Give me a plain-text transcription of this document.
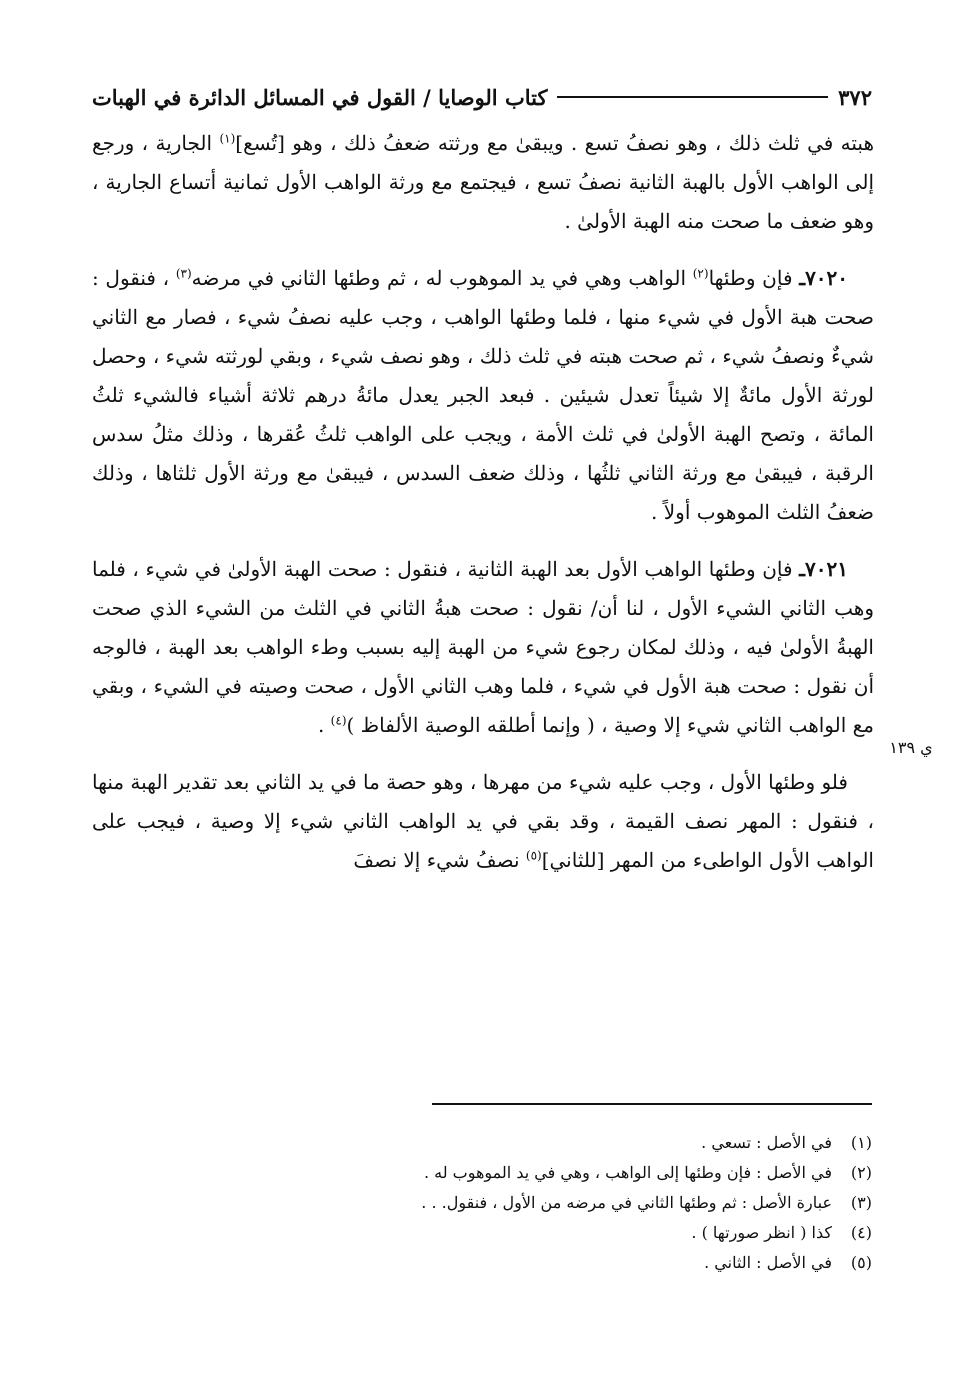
٣٧٢
كتاب الوصايا / القول في المسائل الدائرة في الهبات
ي ١٣٩

هبته في ثلث ذلك ، وهو نصفُ تسع . ويبقىٰ مع ورثته ضعفُ ذلك ، وهو [تُسع]$^{(١)}$ الجارية ، ورجع إلى الواهب الأول بالهبة الثانية نصفُ تسع ، فيجتمع مع ورثة الواهب الأول ثمانية أتساع الجارية ، وهو ضعف ما صحت منه الهبة الأولىٰ .

٧٠٢٠ـ فإن وطئها$^{(٢)}$ الواهب وهي في يد الموهوب له ، ثم وطئها الثاني في مرضه$^{(٣)}$ ، فنقول : صحت هبة الأول في شيء منها ، فلما وطئها الواهب ، وجب عليه نصفُ شيء ، فصار مع الثاني شيءٌ ونصفُ شيء ، ثم صحت هبته في ثلث ذلك ، وهو نصف شيء ، وبقي لورثته شيء ، وحصل لورثة الأول مائةٌ إلا شيئاً تعدل شيئين . فبعد الجبر يعدل مائةُ درهم ثلاثة أشياء فالشيء ثلثُ المائة ، وتصح الهبة الأولىٰ في ثلث الأمة ، ويجب على الواهب ثلثُ عُقرها ، وذلك مثلُ سدس الرقبة ، فيبقىٰ مع ورثة الثاني ثلثُها ، وذلك ضعف السدس ، فيبقىٰ مع ورثة الأول ثلثاها ، وذلك ضعفُ الثلث الموهوب أولاً .

٧٠٢١ـ فإن وطئها الواهب الأول بعد الهبة الثانية ، فنقول : صحت الهبة الأولىٰ في شيء ، فلما وهب الثاني الشيء الأول ، لنا أن/ نقول : صحت هبةُ الثاني في الثلث من الشيء الذي صحت الهبةُ الأولىٰ فيه ، وذلك لمكان رجوع شيء من الهبة إليه بسبب وطء الواهب بعد الهبة ، فالوجه أن نقول : صحت هبة الأول في شيء ، فلما وهب الثاني الأول ، صحت وصيته في الشيء ، وبقي مع الواهب الثاني شيء إلا وصية ، ( وإنما أطلقه الوصية الألفاظ )$^{(٤)}$ .

فلو وطئها الأول ، وجب عليه شيء من مهرها ، وهو حصة ما في يد الثاني بعد تقدير الهبة منها ، فنقول : المهر نصف القيمة ، وقد بقي في يد الواهب الثاني شيء إلا وصية ، فيجب على الواهب الأول الواطىء من المهر [للثاني]$^{(٥)}$ نصفُ شيء إلا نصفَ

(١)
في الأصل : تسعي .
(٢)
في الأصل : فإن وطئها إلى الواهب ، وهي في يد الموهوب له .
(٣)
عبارة الأصل : ثم وطئها الثاني في مرضه من الأول ، فنقول. . .
(٤)
كذا ( انظر صورتها ) .
(٥)
في الأصل : الثاني .
